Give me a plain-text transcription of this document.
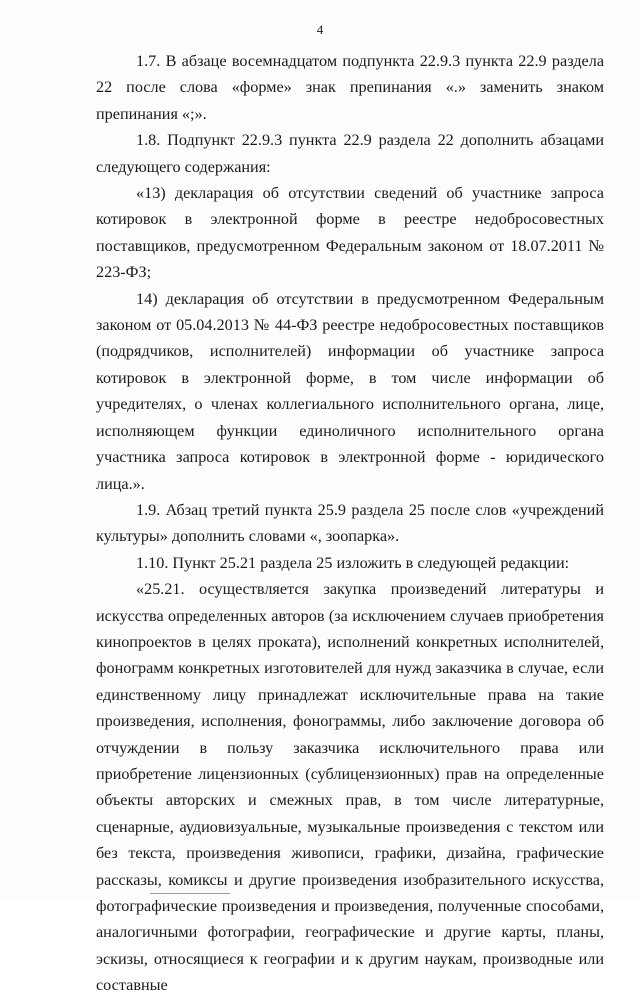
4

1.7. В абзаце восемнадцатом подпункта 22.9.3 пункта 22.9 раздела 22 после слова «форме» знак препинания «.» заменить знаком препинания «;».

1.8. Подпункт 22.9.3 пункта 22.9 раздела 22 дополнить абзацами следующего содержания:

«13) декларация об отсутствии сведений об участнике запроса котировок в электронной форме в реестре недобросовестных поставщиков, предусмотренном Федеральным законом от 18.07.2011 № 223-ФЗ;

14) декларация об отсутствии в предусмотренном Федеральным законом от 05.04.2013 № 44-ФЗ реестре недобросовестных поставщиков (подрядчиков, исполнителей) информации об участнике запроса котировок в электронной форме, в том числе информации об учредителях, о членах коллегиального исполнительного органа, лице, исполняющем функции единоличного исполнительного органа участника запроса котировок в электронной форме - юридического лица.».

1.9. Абзац третий пункта 25.9 раздела 25 после слов «учреждений культуры» дополнить словами «, зоопарка».

1.10. Пункт 25.21 раздела 25 изложить в следующей редакции:

«25.21. осуществляется закупка произведений литературы и искусства определенных авторов (за исключением случаев приобретения кинопроектов в целях проката), исполнений конкретных исполнителей, фонограмм конкретных изготовителей для нужд заказчика в случае, если единственному лицу принадлежат исключительные права на такие произведения, исполнения, фонограммы, либо заключение договора об отчуждении в пользу заказчика исключительного права или приобретение лицензионных (сублицензионных) прав на определенные объекты авторских и смежных прав, в том числе литературные, сценарные, аудиовизуальные, музыкальные произведения с текстом или без текста, произведения живописи, графики, дизайна, графические рассказы, комиксы и другие произведения изобразительного искусства, фотографические произведения и произведения, полученные способами, аналогичными фотографии, географические и другие карты, планы, эскизы, относящиеся к географии и к другим наукам, производные или составные
